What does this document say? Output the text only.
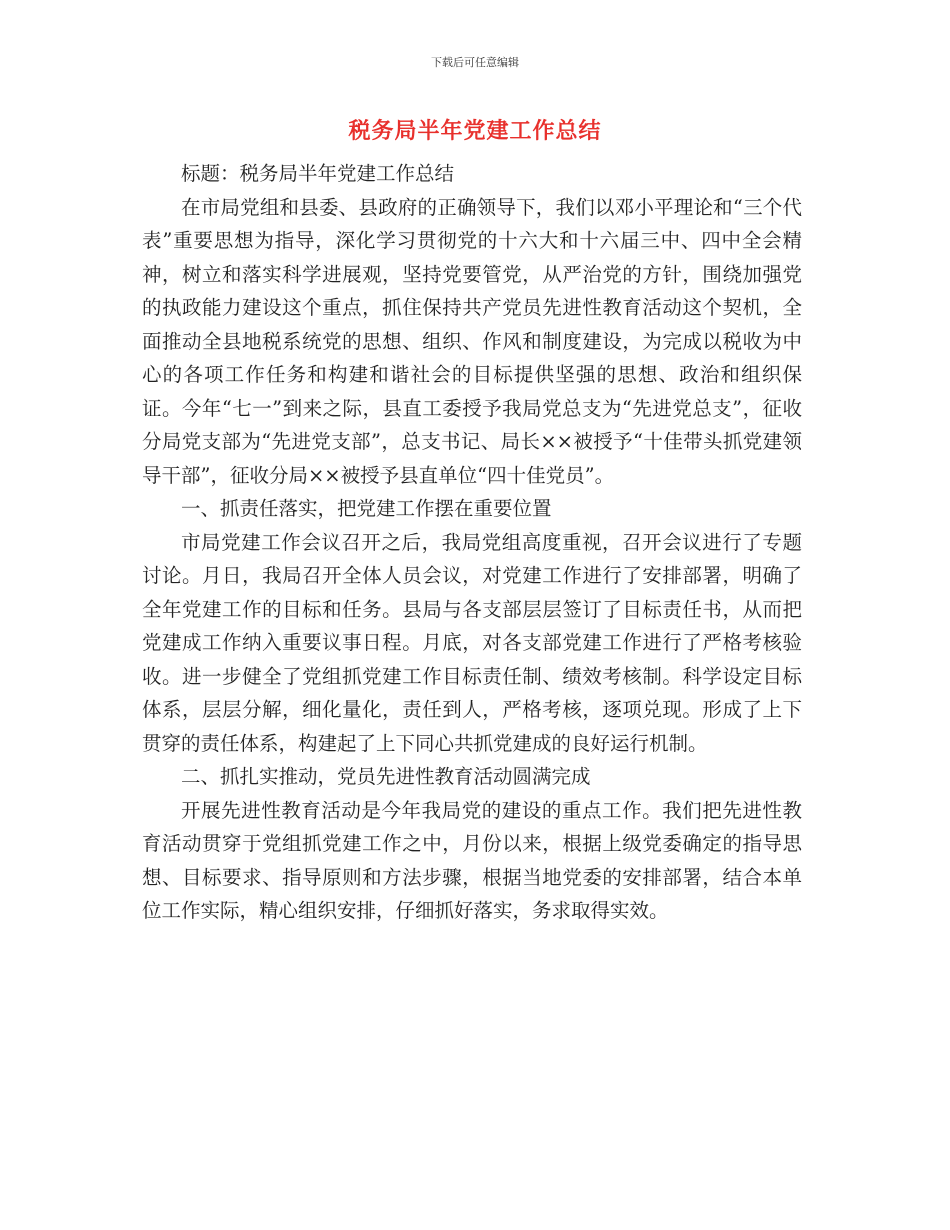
下载后可任意编辑
税务局半年党建工作总结

标题：税务局半年党建工作总结

在市局党组和县委、县政府的正确领导下，我们以邓小平理论和“三个代表”重要思想为指导，深化学习贯彻党的十六大和十六届三中、四中全会精神，树立和落实科学进展观，坚持党要管党，从严治党的方针，围绕加强党的执政能力建设这个重点，抓住保持共产党员先进性教育活动这个契机，全面推动全县地税系统党的思想、组织、作风和制度建设，为完成以税收为中心的各项工作任务和构建和谐社会的目标提供坚强的思想、政治和组织保证。今年“七一”到来之际，县直工委授予我局党总支为“先进党总支”，征收分局党支部为“先进党支部”，总支书记、局长××被授予“十佳带头抓党建领导干部”，征收分局××被授予县直单位“四十佳党员”。

一、抓责任落实，把党建工作摆在重要位置

市局党建工作会议召开之后，我局党组高度重视，召开会议进行了专题讨论。月日，我局召开全体人员会议，对党建工作进行了安排部署，明确了全年党建工作的目标和任务。县局与各支部层层签订了目标责任书，从而把党建成工作纳入重要议事日程。月底，对各支部党建工作进行了严格考核验收。进一步健全了党组抓党建工作目标责任制、绩效考核制。科学设定目标体系，层层分解，细化量化，责任到人，严格考核，逐项兑现。形成了上下贯穿的责任体系，构建起了上下同心共抓党建成的良好运行机制。

二、抓扎实推动，党员先进性教育活动圆满完成

开展先进性教育活动是今年我局党的建设的重点工作。我们把先进性教育活动贯穿于党组抓党建工作之中，月份以来，根据上级党委确定的指导思想、目标要求、指导原则和方法步骤，根据当地党委的安排部署，结合本单位工作实际，精心组织安排，仔细抓好落实，务求取得实效。
